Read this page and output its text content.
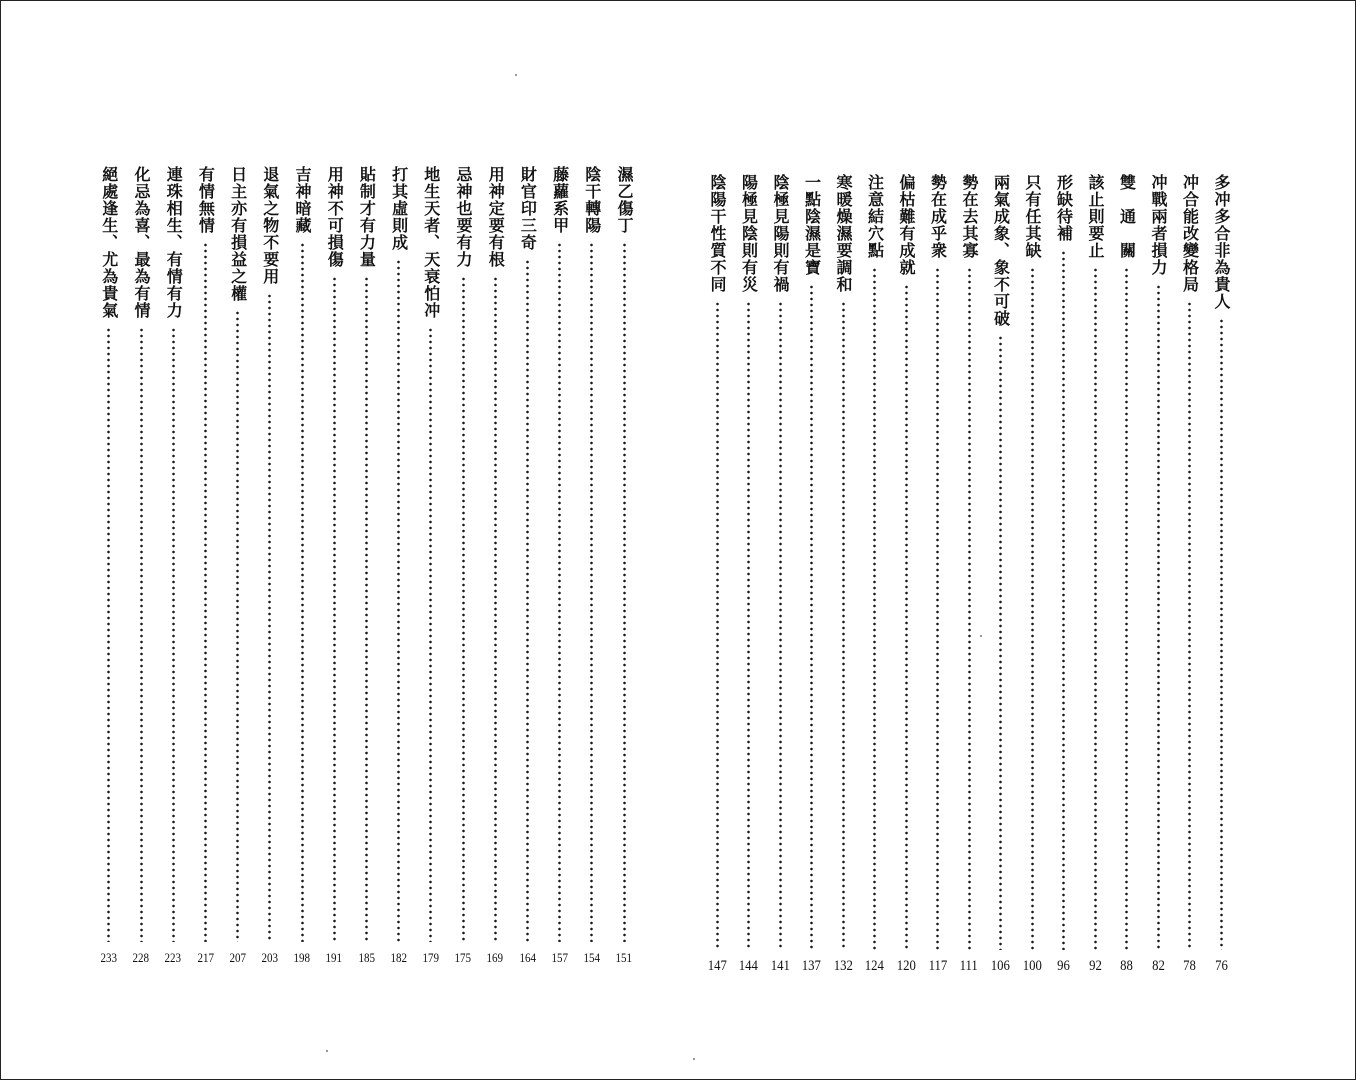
濕乙傷丁
151
陰干轉陽
154
藤蘿系甲
157
財官印三奇
164
用神定要有根
169
忌神也要有力
175
地生天者、天衰怕冲
179
打其虛則成
182
貼制才有力量
185
用神不可損傷
191
吉神暗藏
198
退氣之物不要用
203
日主亦有損益之權
207
有情無情
217
連珠相生、有情有力
223
化忌為喜、最為有情
228
絕處逢生、尤為貴氣
233
多冲多合非為貴人
76
冲合能改變格局
78
冲戰兩者損力
82
雙　通　關
88
該止則要止
92
形缺待補
96
只有任其缺
100
兩氣成象、象不可破
106
勢在去其寡
111
勢在成乎衆
117
偏枯難有成就
120
注意結穴點
124
寒暖燥濕要調和
132
一點陰濕是寶
137
陰極見陽則有禍
141
陽極見陰則有災
144
陰陽干性質不同
147
